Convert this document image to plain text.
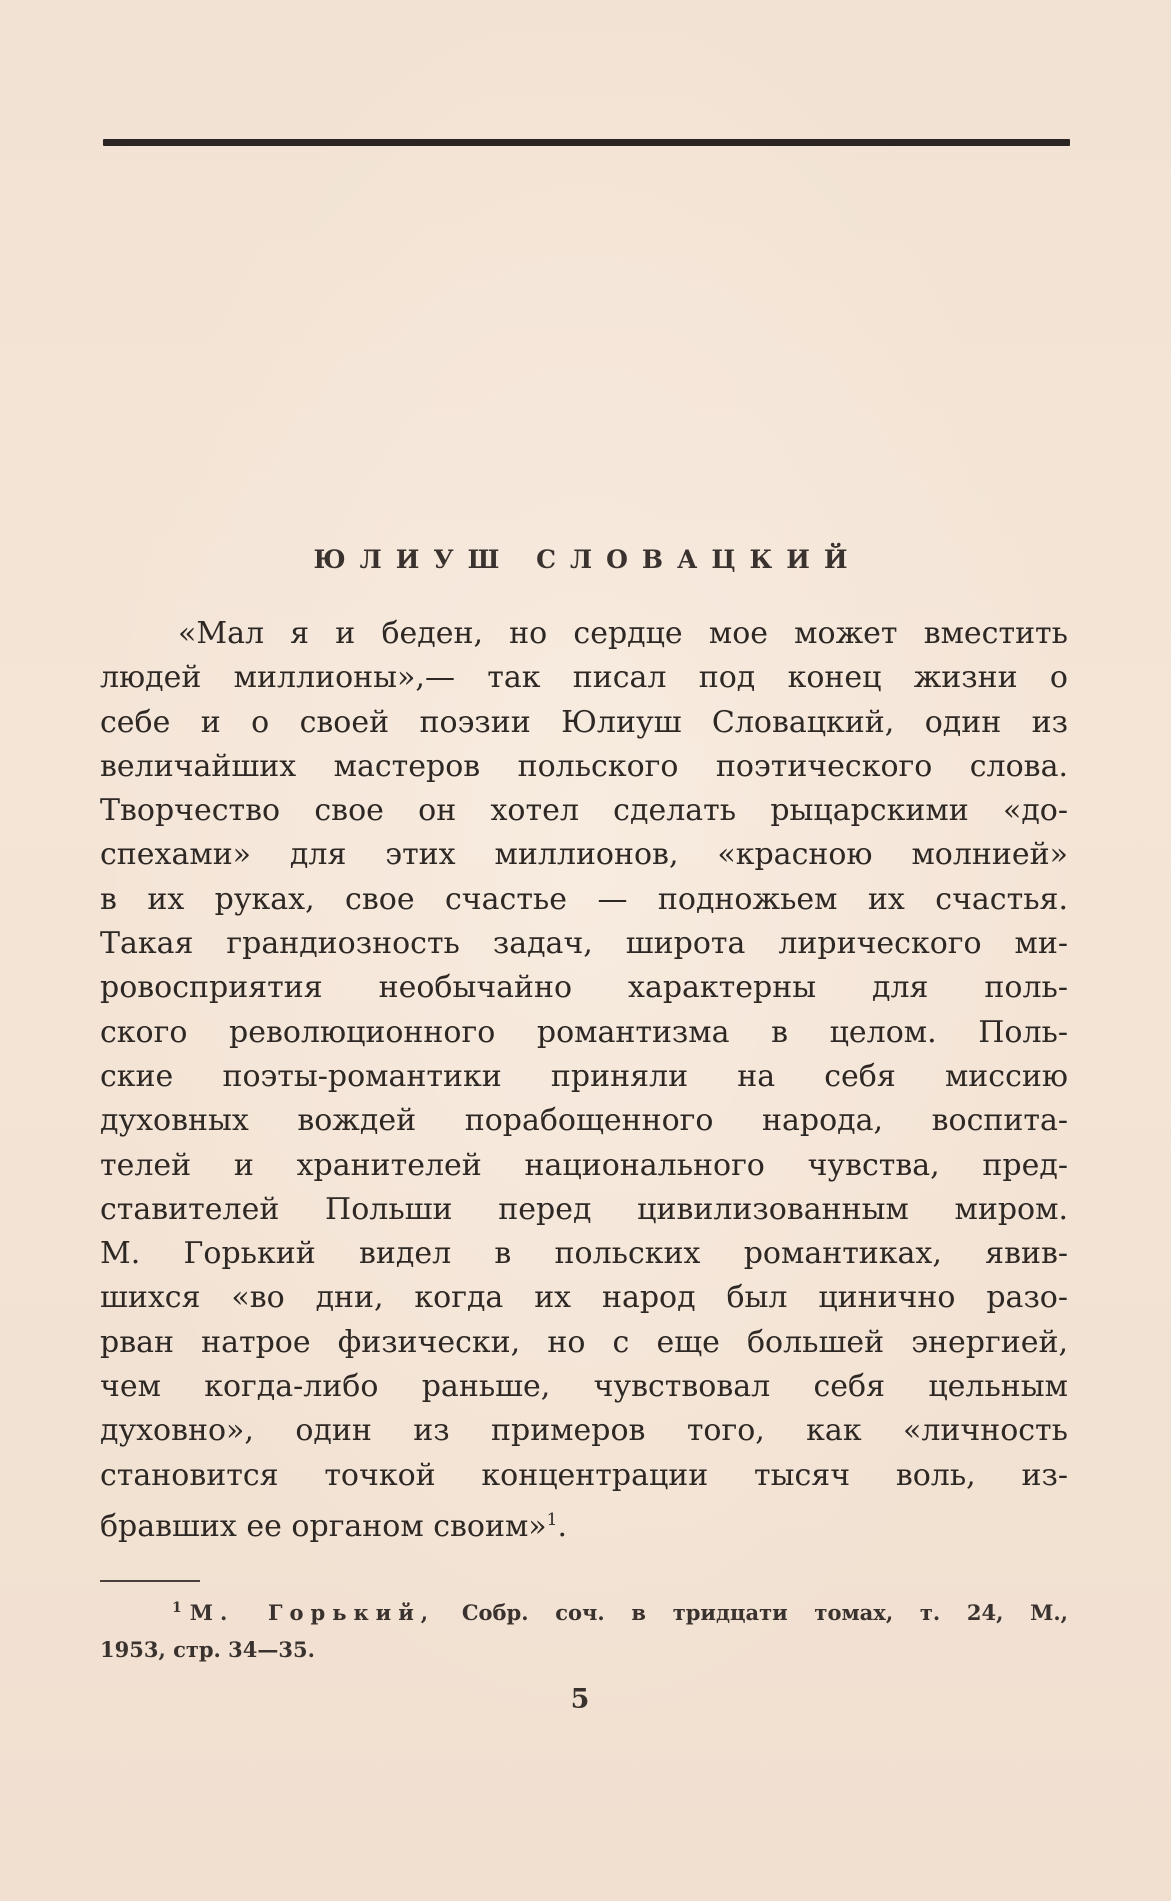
ЮЛИУШ СЛОВАЦКИЙ
«Мал я и беден, но сердце мое может вместить
людей миллионы»,— так писал под конец жизни о
себе и о своей поэзии Юлиуш Словацкий, один из
величайших мастеров польского поэтического слова.
Творчество свое он хотел сделать рыцарскими «до-
спехами» для этих миллионов, «красною молнией»
в их руках, свое счастье — подножьем их счастья.
Такая грандиозность задач, широта лирического ми-
ровосприятия необычайно характерны для поль-
ского революционного романтизма в целом. Поль-
ские поэты-романтики приняли на себя миссию
духовных вождей порабощенного народа, воспита-
телей и хранителей национального чувства, пред-
ставителей Польши перед цивилизованным миром.
М. Горький видел в польских романтиках, явив-
шихся «во дни, когда их народ был цинично разо-
рван натрое физически, но с еще большей энергией,
чем когда-либо раньше, чувствовал себя цельным
духовно», один из примеров того, как «личность
становится точкой концентрации тысяч воль, из-
бравших ее органом своим»$^1$.
$^1$ М. Горький, Собр. соч. в тридцати томах, т. 24, М.,
1953, стр. 34—35.
5
